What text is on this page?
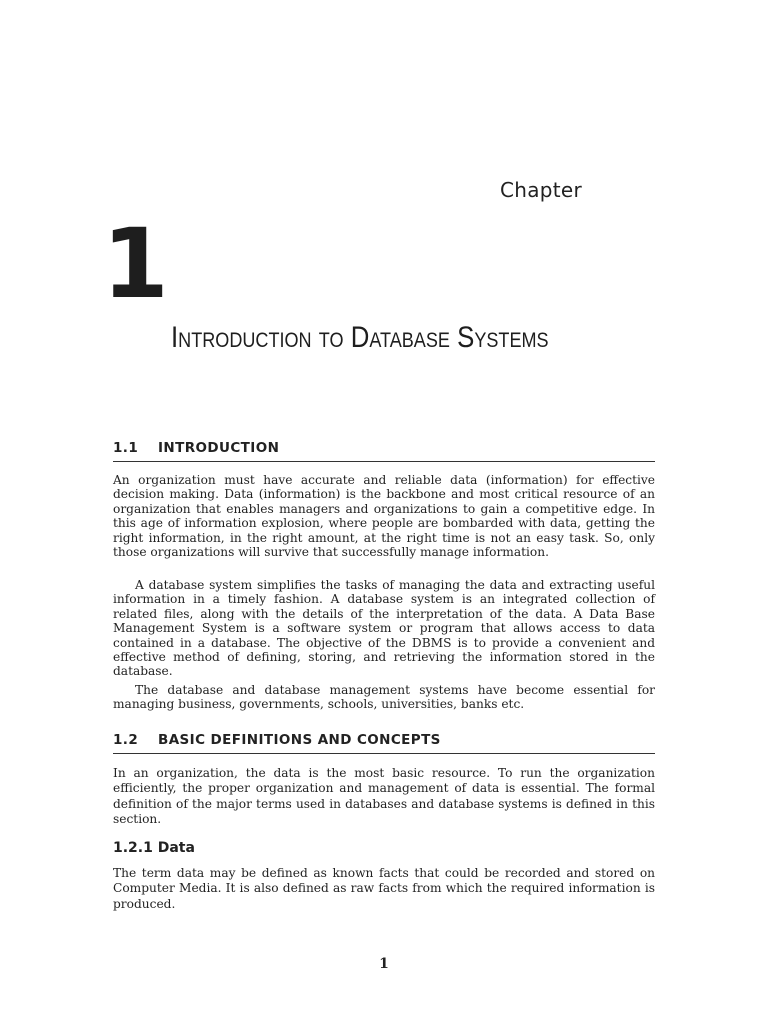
Chapter
1
Introduction to Database Systems
1.1 INTRODUCTION

An organization must have accurate and reliable data (information) for effective decision making. Data (information) is the backbone and most critical resource of an organization that enables managers and organizations to gain a competitive edge. In this age of information explosion, where people are bombarded with data, getting the right information, in the right amount, at the right time is not an easy task. So, only those organizations will survive that successfully manage information.

A database system simplifies the tasks of managing the data and extracting useful information in a timely fashion. A database system is an integrated collection of related files, along with the details of the interpretation of the data. A Data Base Management System is a software system or program that allows access to data contained in a database. The objective of the DBMS is to provide a convenient and effective method of defining, storing, and retrieving the information stored in the database.

The database and database management systems have become essential for managing business, governments, schools, universities, banks etc.

1.2 BASIC DEFINITIONS AND CONCEPTS

In an organization, the data is the most basic resource. To run the organization efficiently, the proper organization and management of data is essential. The formal definition of the major terms used in databases and database systems is defined in this section.

1.2.1 Data

The term data may be defined as known facts that could be recorded and stored on Computer Media. It is also defined as raw facts from which the required information is produced.

1
